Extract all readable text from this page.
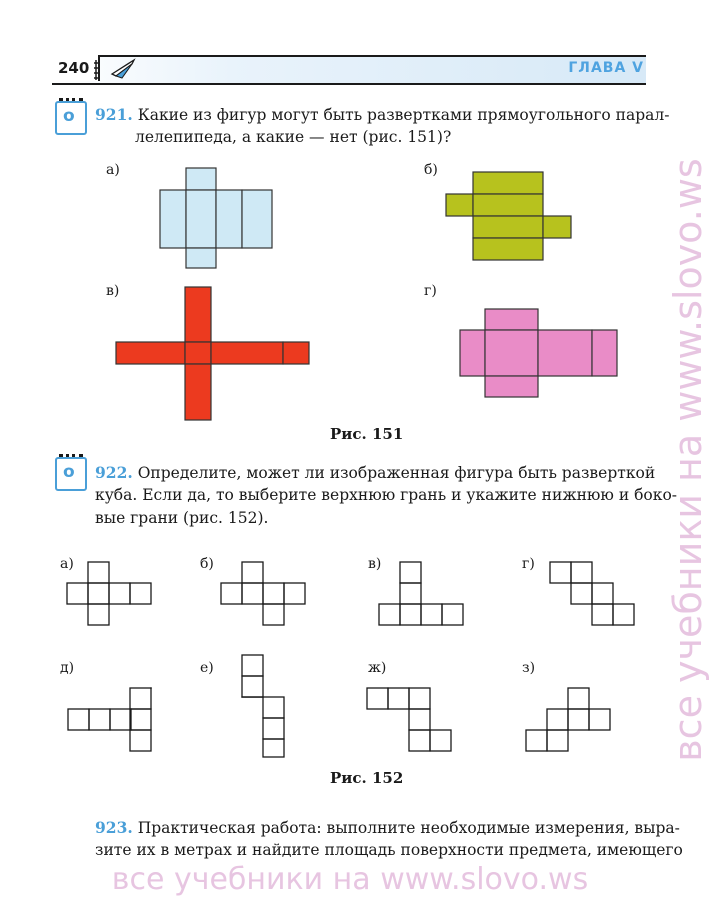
все учебники на www.slovo.ws
240	ГЛАВА V
o 921. Какие из фигур могут быть развертками прямоугольного парал-
лелепипеда, а какие — нет (рис. 151)?
а)	б)
в)	г)
Рис. 151
o 922. Определите, может ли изображенная фигура быть разверткой
куба. Если да, то выберите верхнюю грань и укажите нижнюю и боко-
вые грани (рис. 152).
а)	б)	в)	г)
д)	е)	ж)	з)
Рис. 152
923. Практическая работа: выполните необходимые измерения, выра-
зите их в метрах и найдите площадь поверхности предмета, имеющего
все учебники на www.slovo.ws
